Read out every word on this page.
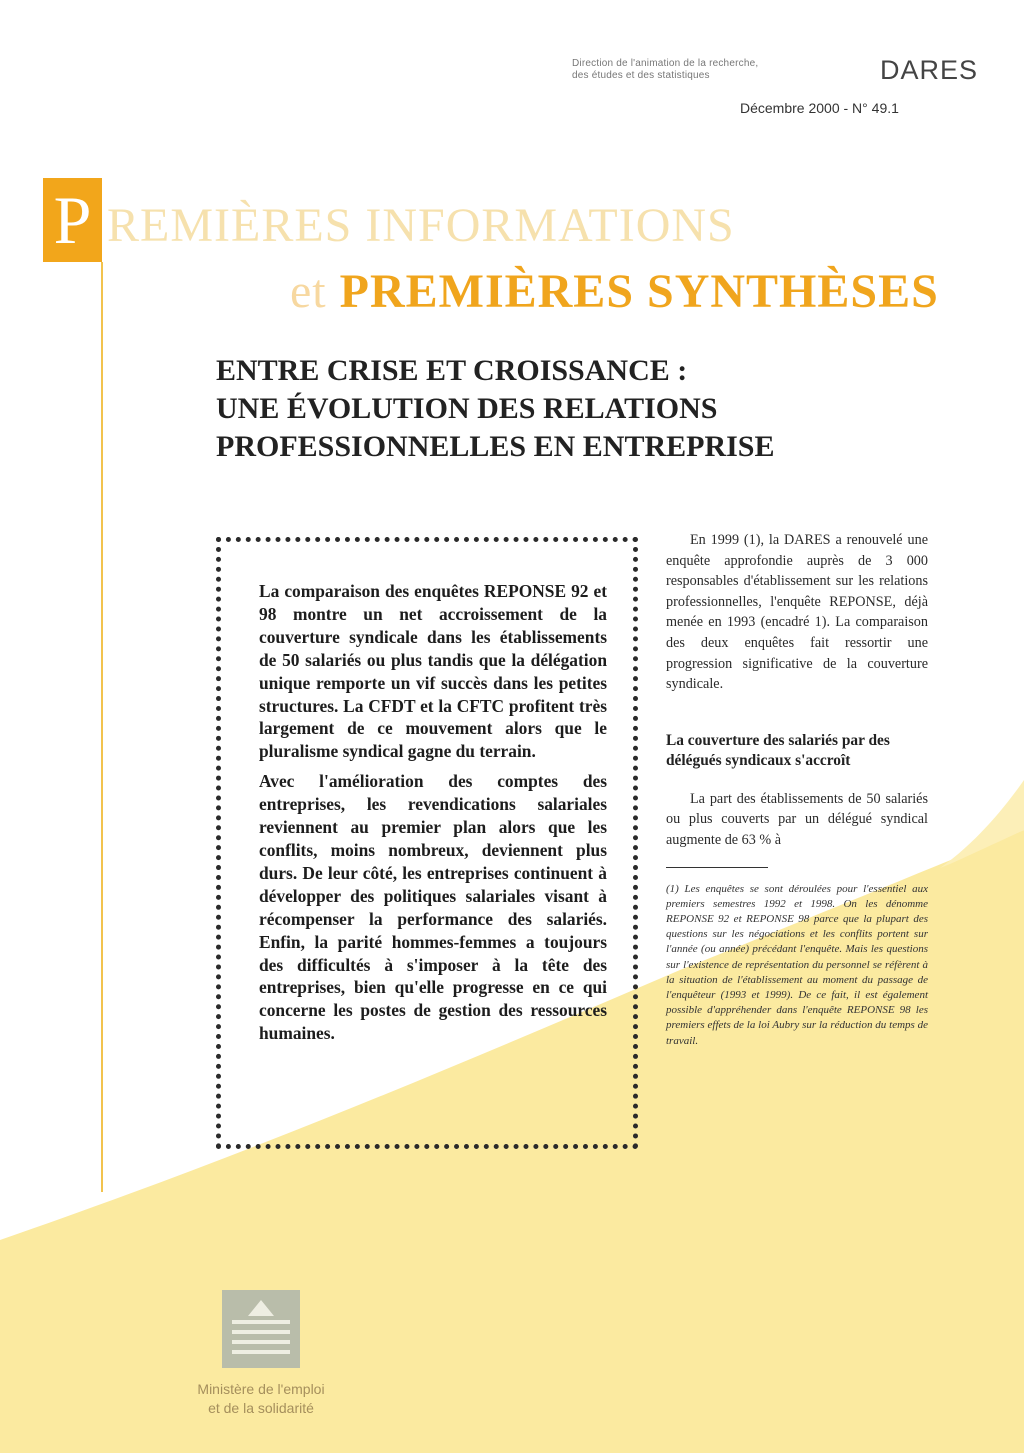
Direction de l'animation de la recherche,
des études et des statistiques	DARES
Décembre 2000 - N° 49.1
P REMIÈRES INFORMATIONS
et PREMIÈRES SYNTHÈSES
ENTRE CRISE ET CROISSANCE :
UNE ÉVOLUTION DES RELATIONS
PROFESSIONNELLES EN ENTREPRISE

La comparaison des enquêtes REPONSE 92 et 98 montre un net accroissement de la couverture syndicale dans les établissements de 50 salariés ou plus tandis que la délégation unique remporte un vif succès dans les petites structures. La CFDT et la CFTC profitent très largement de ce mouvement alors que le pluralisme syndical gagne du terrain.

Avec l'amélioration des comptes des entreprises, les revendications salariales reviennent au premier plan alors que les conflits, moins nombreux, deviennent plus durs. De leur côté, les entreprises continuent à développer des politiques salariales visant à récompenser la performance des salariés. Enfin, la parité hommes-femmes a toujours des difficultés à s'imposer à la tête des entreprises, bien qu'elle progresse en ce qui concerne les postes de gestion des ressources humaines.

En 1999 (1), la DARES a renouvelé une enquête approfondie auprès de 3 000 responsables d'établissement sur les relations professionnelles, l'enquête REPONSE, déjà menée en 1993 (encadré 1). La comparaison des deux enquêtes fait ressortir une progression significative de la couverture syndicale.

La couverture des salariés par des délégués syndicaux s'accroît

La part des établissements de 50 salariés ou plus couverts par un délégué syndical augmente de 63 % à

(1) Les enquêtes se sont déroulées pour l'essentiel aux premiers semestres 1992 et 1998. On les dénomme REPONSE 92 et REPONSE 98 parce que la plupart des questions sur les négociations et les conflits portent sur l'année (ou année) précédant l'enquête. Mais les questions sur l'existence de représentation du personnel se réfèrent à la situation de l'établissement au moment du passage de l'enquêteur (1993 et 1999). De ce fait, il est également possible d'appréhender dans l'enquête REPONSE 98 les premiers effets de la loi Aubry sur la réduction du temps de travail.
Ministère de l'emploi
et de la solidarité
